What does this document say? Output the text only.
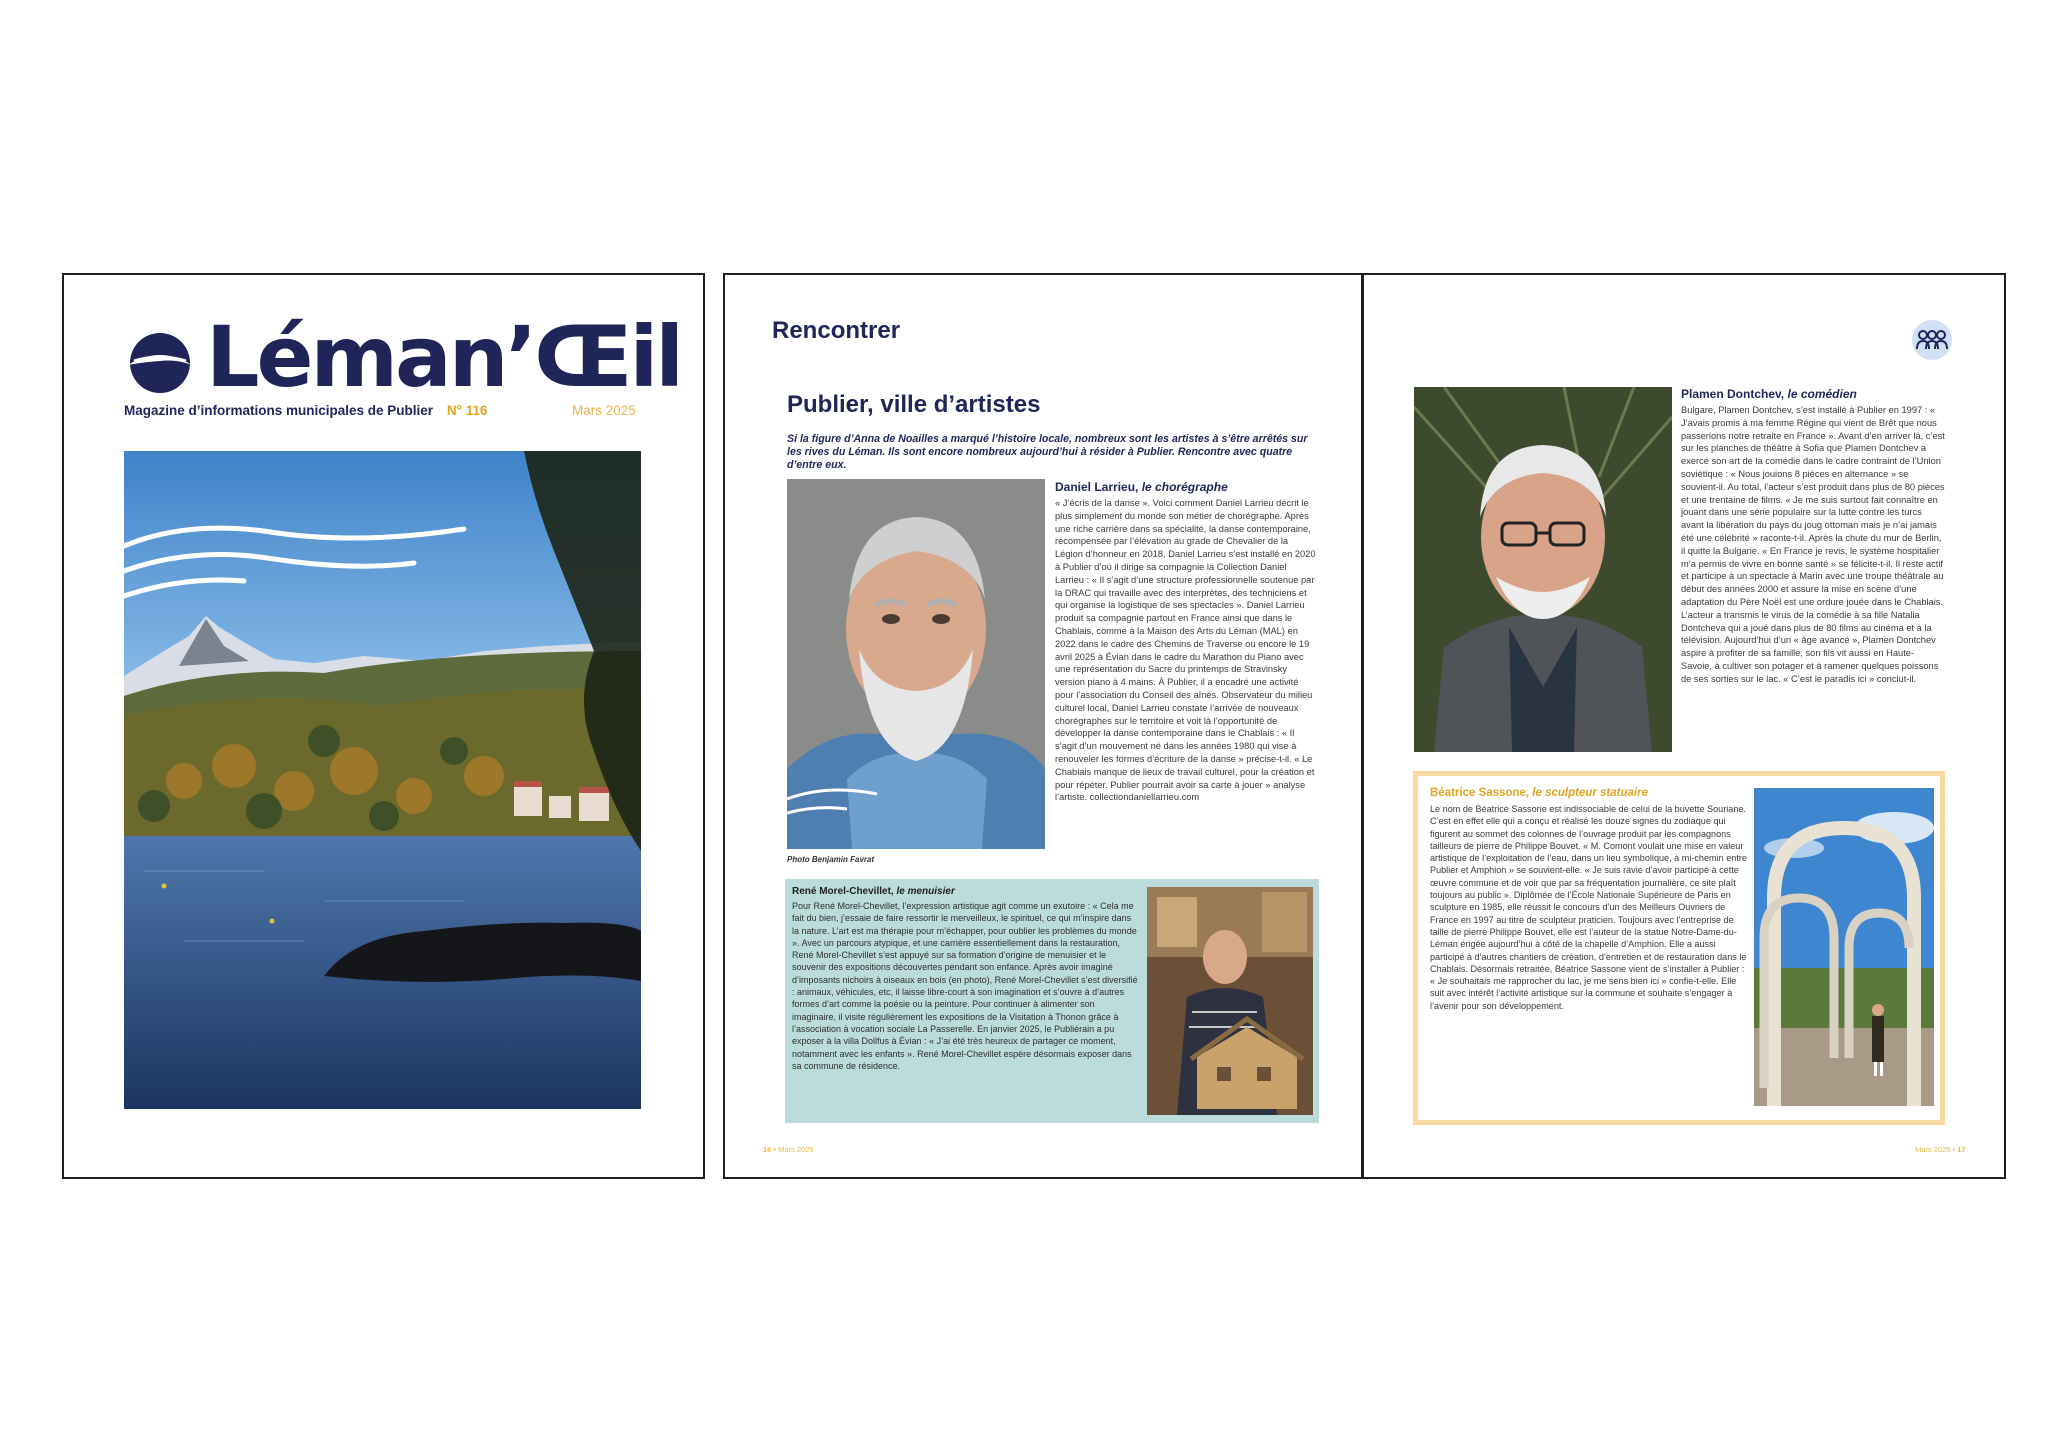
Léman’Œil
Magazine d’informations municipales de Publier N° 116	Mars 2025
Rencontrer
Publier, ville d’artistes
Si la figure d’Anna de Noailles a marqué l’histoire locale, nombreux sont les artistes à s’être arrêtés sur les rives du Léman. Ils sont encore nombreux aujourd’hui à résider à Publier. Rencontre avec quatre d’entre eux.
Photo Benjamin Favrat
Daniel Larrieu, le chorégraphe
« J’écris de la danse ». Voici comment Daniel Larrieu décrit le plus simplement du monde son métier de chorégraphe. Après une riche carrière dans sa spécialité, la danse contemporaine, récompensée par l’élévation au grade de Chevalier de la Légion d’honneur en 2018, Daniel Larrieu s’est installé en 2020 à Publier d’où il dirige sa compagnie la Collection Daniel Larrieu : « Il s’agit d’une structure professionnelle soutenue par la DRAC qui travaille avec des interprètes, des techniciens et qui organise la logistique de ses spectacles ». Daniel Larrieu produit sa compagnie partout en France ainsi que dans le Chablais, comme à la Maison des Arts du Léman (MAL) en 2022 dans le cadre des Chemins de Traverse ou encore le 19 avril 2025 à Évian dans le cadre du Marathon du Piano avec une représentation du Sacre du printemps de Stravinsky version piano à 4 mains. À Publier, il a encadré une activité pour l’association du Conseil des aînés. Observateur du milieu culturel local, Daniel Larrieu constate l’arrivée de nouveaux chorégraphes sur le territoire et voit là l’opportunité de développer la danse contemporaine dans le Chablais : « Il s’agit d’un mouvement né dans les années 1980 qui vise à renouveler les formes d’écriture de la danse » précise-t-il. « Le Chablais manque de lieux de travail culturel, pour la création et pour répéter. Publier pourrait avoir sa carte à jouer » analyse l’artiste. collectiondaniellarrieu.com
René Morel-Chevillet, le menuisier
Pour René Morel-Chevillet, l’expression artistique agit comme un exutoire : « Cela me fait du bien, j’essaie de faire ressortir le merveilleux, le spirituel, ce qui m’inspire dans la nature. L’art est ma thérapie pour m’échapper, pour oublier les problèmes du monde ». Avec un parcours atypique, et une carrière essentiellement dans la restauration, René Morel-Chevillet s’est appuyé sur sa formation d’origine de menuisier et le souvenir des expositions découvertes pendant son enfance. Après avoir imaginé d’imposants nichoirs à oiseaux en bois (en photo), René Morel-Chevillet s’est diversifié : animaux, véhicules, etc, il laisse libre-court à son imagination et s’ouvre à d’autres formes d’art comme la poésie ou la peinture. Pour continuer à alimenter son imaginaire, il visite régulièrement les expositions de la Visitation à Thonon grâce à l’association à vocation sociale La Passerelle. En janvier 2025, le Publiérain a pu exposer à la villa Dollfus à Évian : « J’ai été très heureux de partager ce moment, notamment avec les enfants ». René Morel-Chevillet espère désormais exposer dans sa commune de résidence.
Plamen Dontchev, le comédien
Bulgare, Plamen Dontchev, s’est installé à Publier en 1997 : « J’avais promis à ma femme Régine qui vient de Brêt que nous passerions notre retraite en France ». Avant d’en arriver là, c’est sur les planches de théâtre à Sofia que Plamen Dontchev a exercé son art de la comédie dans le cadre contraint de l’Union soviétique : « Nous jouions 8 pièces en alternance » se souvient-il. Au total, l’acteur s’est produit dans plus de 80 pièces et une trentaine de films. « Je me suis surtout fait connaître en jouant dans une série populaire sur la lutte contre les turcs avant la libération du pays du joug ottoman mais je n’ai jamais été une célébrité » raconte-t-il. Après la chute du mur de Berlin, il quitte la Bulgarie. « En France je revis, le système hospitalier m’a permis de vivre en bonne santé » se félicite-t-il. Il reste actif et participe à un spectacle à Marin avec une troupe théâtrale au début des années 2000 et assure la mise en scène d’une adaptation du Père Noël est une ordure jouée dans le Chablais. L’acteur a transmis le virus de la comédie à sa fille Natalia Dontcheva qui a joué dans plus de 80 films au cinéma et à la télévision. Aujourd’hui d’un « âge avancé », Plamen Dontchev aspire à profiter de sa famille, son fils vit aussi en Haute-Savoie, à cultiver son potager et à ramener quelques poissons de ses sorties sur le lac. « C’est le paradis ici » conclut-il.
Béatrice Sassone, le sculpteur statuaire
Le nom de Béatrice Sassone est indissociable de celui de la buvette Souriane. C’est en effet elle qui a conçu et réalisé les douze signes du zodiaque qui figurent au sommet des colonnes de l’ouvrage produit par les compagnons tailleurs de pierre de Philippe Bouvet. « M. Comont voulait une mise en valeur artistique de l’exploitation de l’eau, dans un lieu symbolique, à mi-chemin entre Publier et Amphion » se souvient-elle. « Je suis ravie d’avoir participé à cette œuvre commune et de voir que par sa fréquentation journalière, ce site plaît toujours au public ». Diplômée de l’École Nationale Supérieure de Paris en sculpture en 1985, elle réussit le concours d’un des Meilleurs Ouvriers de France en 1997 au titre de sculpteur praticien. Toujours avec l’entreprise de taille de pierre Philippe Bouvet, elle est l’auteur de la statue Notre-Dame-du-Léman érigée aujourd’hui à côté de la chapelle d’Amphion. Elle a aussi participé à d’autres chantiers de création, d’entretien et de restauration dans le Chablais. Désormais retraitée, Béatrice Sassone vient de s’installer à Publier : « Je souhaitais me rapprocher du lac, je me sens bien ici » confie-t-elle. Elle suit avec intérêt l’activité artistique sur la commune et souhaite s’engager à l’avenir pour son développement.
16 • Mars 2025	Mars 2025 • 17
